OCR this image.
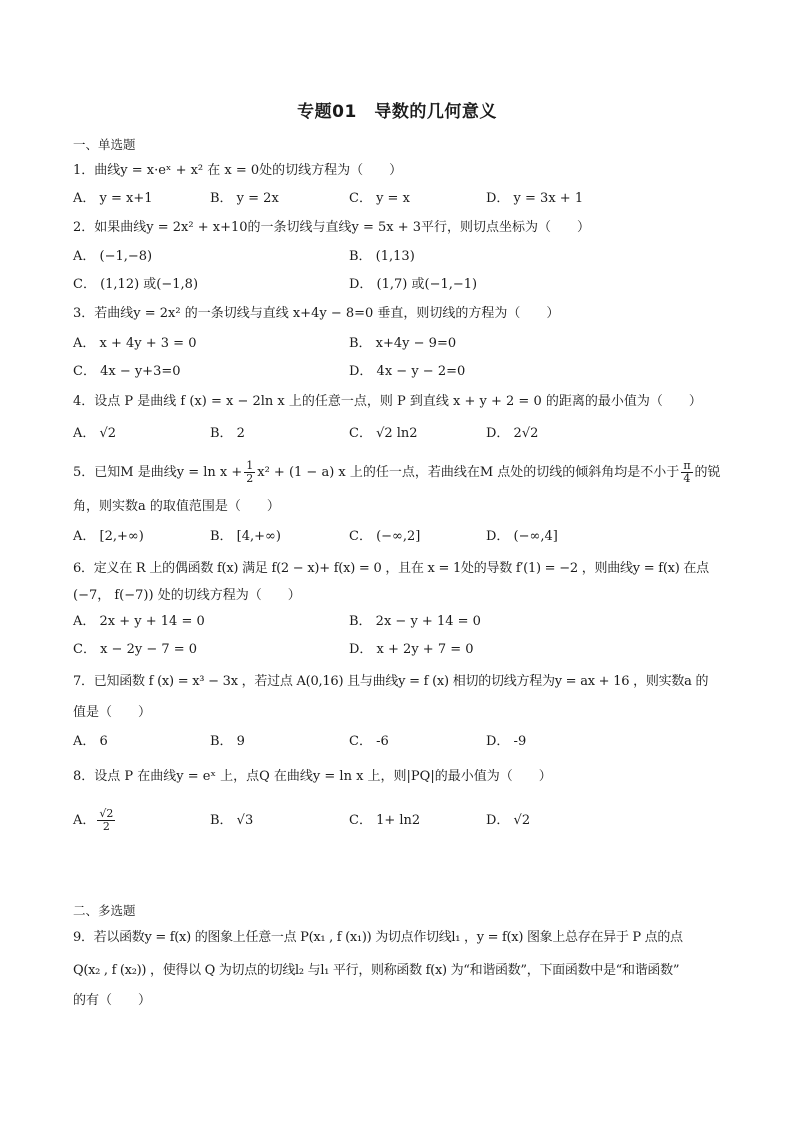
专题01　导数的几何意义
一、单选题
1．曲线y = x·eˣ + x² 在 x = 0处的切线方程为（　　）
A． y = x+1	B． y = 2x	C． y = x	D． y = 3x + 1
2．如果曲线y = 2x² + x+10的一条切线与直线y = 5x + 3平行，则切点坐标为（　　）
A． (−1,−8)	B． (1,13)
C． (1,12) 或(−1,8)	D． (1,7) 或(−1,−1)
3．若曲线y = 2x² 的一条切线与直线 x+4y − 8=0 垂直，则切线的方程为（　　）
A． x + 4y + 3 = 0	B． x+4y − 9=0
C． 4x − y+3=0	D． 4x − y − 2=0
4．设点 P 是曲线 f (x) = x − 2ln x 上的任意一点，则 P 到直线 x + y + 2 = 0 的距离的最小值为（　　）
A． √2	B． 2	C． √2 ln2	D． 2√2
5．已知M 是曲线$y = \ln x + \frac{1}{2} x^2 + (1 - a)$ x 上的任一点，若曲线在M 点处的切线的倾斜角均是不小于 $\frac{\pi}{4}$ 的锐
角，则实数a 的取值范围是（　　）
A． [2,+∞)	B． [4,+∞)	C． (−∞,2]	D． (−∞,4]
6．定义在 R 上的偶函数 f(x) 满足 f(2 − x)+ f(x) = 0 ，且在 x = 1处的导数 f′(1) = −2 ，则曲线y = f(x) 在点
(−7， f(−7)) 处的切线方程为（　　）
A． 2x + y + 14 = 0	B． 2x − y + 14 = 0
C． x − 2y − 7 = 0	D． x + 2y + 7 = 0
7．已知函数 f (x) = x³ − 3x ，若过点 A(0,16) 且与曲线y = f (x) 相切的切线方程为y = ax + 16 ，则实数a 的
值是（　　）
A． 6	B． 9	C． -6	D． -9
8．设点 P 在曲线y = eˣ 上，点Q 在曲线y = ln x 上，则|PQ|的最小值为（　　）
A． $\frac{√2}{2}$	B． √3	C． 1+ ln2	D． √2
二、多选题
9．若以函数y = f(x) 的图象上任意一点 P(x₁ , f (x₁)) 为切点作切线l₁ ，y = f(x) 图象上总存在异于 P 点的点
Q(x₂ , f (x₂)) ，使得以 Q 为切点的切线l₂ 与l₁ 平行，则称函数 f(x) 为“和谐函数”，下面函数中是“和谐函数”
的有（　　）
